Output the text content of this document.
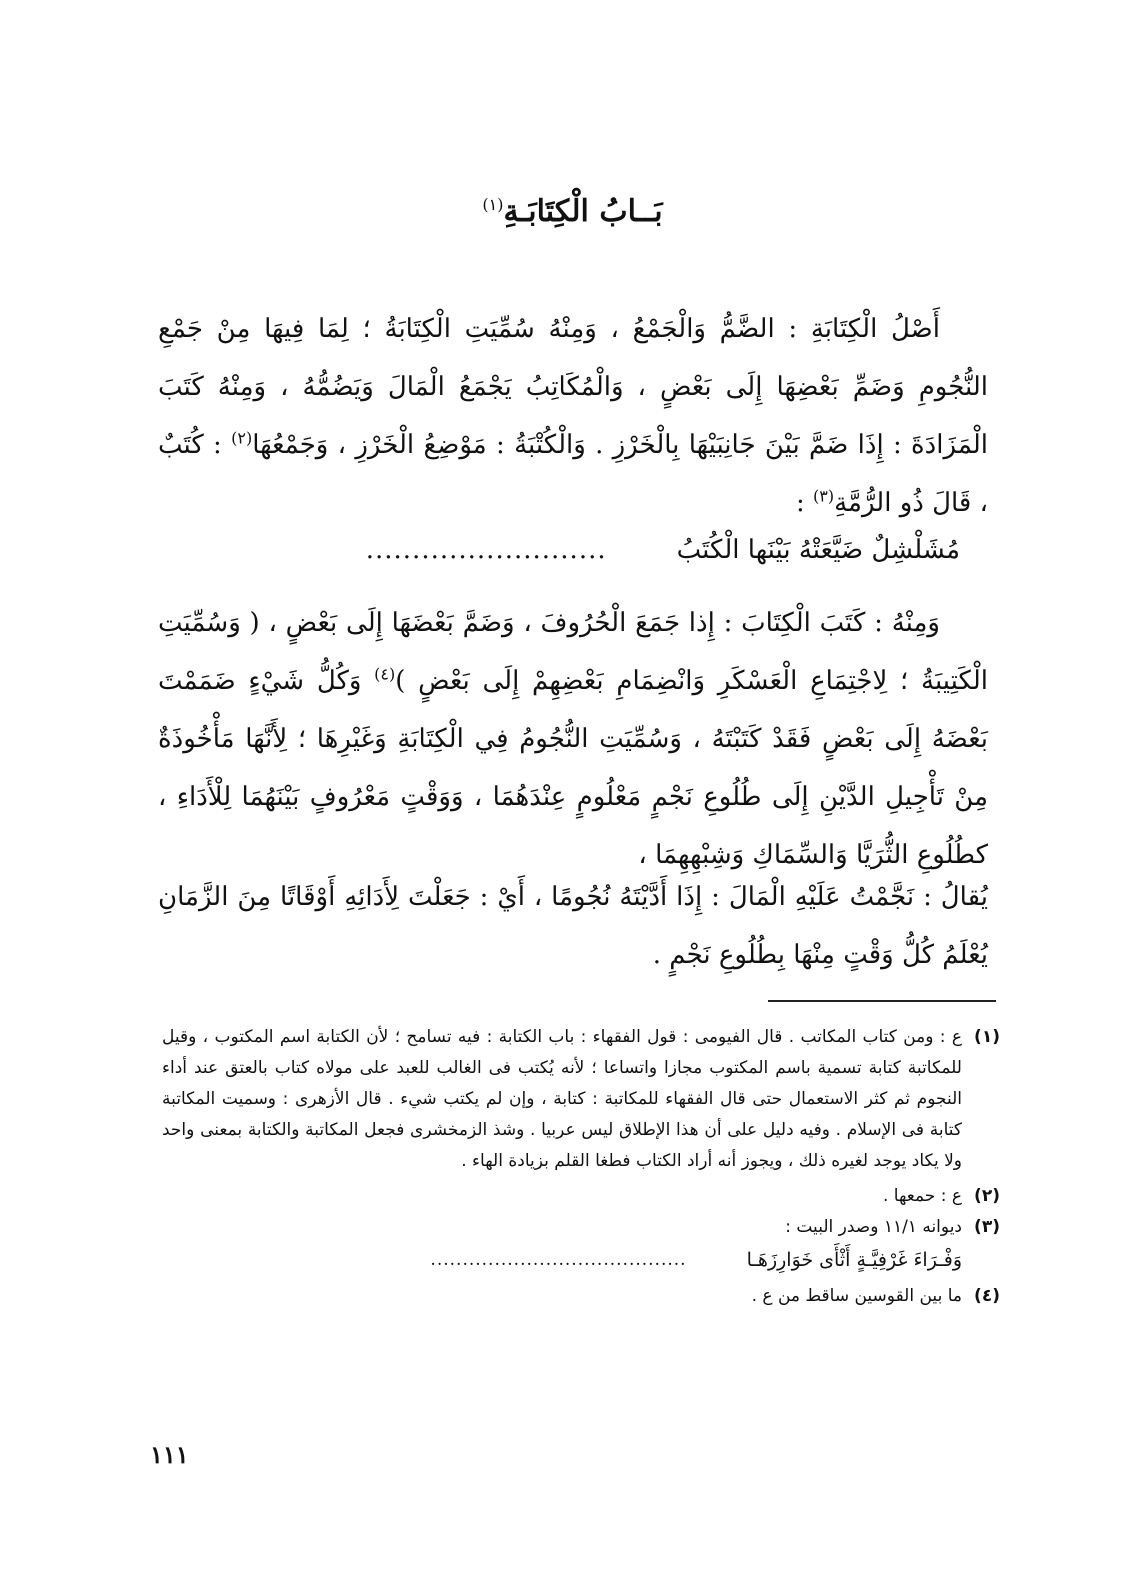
بَــابُ الْكِتَابَـةِ$^{(١)}$
أَصْلُ الْكِتَابَةِ : الضَّمُّ وَالْجَمْعُ ، وَمِنْهُ سُمِّيَتِ الْكِتَابَةُ ؛ لِمَا فِيهَا مِنْ جَمْعِ النُّجُومِ وَضَمِّ بَعْضِهَا إِلَى بَعْضٍ ، وَالْمُكَاتِبُ يَجْمَعُ الْمَالَ وَيَضُمُّهُ ، وَمِنْهُ كَتَبَ الْمَزَادَةَ : إِذَا ضَمَّ بَيْنَ جَانِبَيْهَا بِالْخَرْزِ . وَالْكُتْبَةُ : مَوْضِعُ الْخَرْزِ ، وَجَمْعُهَا$^{(٢)}$ : كُتَبٌ ، قَالَ ذُو الرُّمَّةِ$^{(٣)}$ :
مُشَلْشِلٌ ضَيَّعَتْهُ بَيْنَها الْكُتَبُ
..........................
وَمِنْهُ : كَتَبَ الْكِتَابَ : إِذا جَمَعَ الْحُرُوفَ ، وَضَمَّ بَعْضَهَا إِلَى بَعْضٍ ، ( وَسُمِّيَتِ الْكَتِيبَةُ ؛ لِاجْتِمَاعِ الْعَسْكَرِ وَانْضِمَامِ بَعْضِهِمْ إِلَى بَعْضٍ )$^{(٤)}$ وَكُلُّ شَيْءٍ ضَمَمْتَ بَعْضَهُ إِلَى بَعْضٍ فَقَدْ كَتَبْتَهُ ، وَسُمِّيَتِ النُّجُومُ فِي الْكِتَابَةِ وَغَيْرِهَا ؛ لِأَنَّهَا مَأْخُوذَةٌ مِنْ تَأْجِيلِ الدَّيْنِ إِلَى طُلُوعِ نَجْمٍ مَعْلُومٍ عِنْدَهُمَا ، وَوَقْتٍ مَعْرُوفٍ بَيْنَهُمَا لِلْأَدَاءِ ، كطُلُوعِ الثُّرَيَّا وَالسِّمَاكِ وَشِبْهِهِمَا ،
يُقالُ : نَجَّمْتُ عَلَيْهِ الْمَالَ : إِذَا أَدَّيْتَهُ نُجُومًا ، أَيْ : جَعَلْتَ لِأَدَائِهِ أَوْقَاتًا مِنَ الزَّمَانِ يُعْلَمُ كُلُّ وَقْتٍ مِنْهَا بِطُلُوعِ نَجْمٍ .
(١)
ع : ومن كتاب المكاتب . قال الفيومى : قول الفقهاء : باب الكتابة : فيه تسامح ؛ لأن الكتابة اسم المكتوب ، وقيل للمكاتبة كتابة تسمية باسم المكتوب مجازا واتساعا ؛ لأنه يُكتب فى الغالب للعبد على مولاه كتاب بالعتق عند أداء النجوم ثم كثر الاستعمال حتى قال الفقهاء للمكاتبة : كتابة ، وإن لم يكتب شيء . قال الأزهرى : وسميت المكاتبة كتابة فى الإسلام . وفيه دليل على أن هذا الإطلاق ليس عربيا . وشذ الزمخشرى فجعل المكاتبة والكتابة بمعنى واحد ولا يكاد يوجد لغيره ذلك ، ويجوز أنه أراد الكتاب فطغا القلم بزيادة الهاء .
(٢)
ع : حمعها .
(٣)
ديوانه ١١/١ وصدر البيت :
وَفْـرَاءَ غَرْفِيَّـةٍ أَثْأَى خَوَارِزَهَـا
........................................
(٤)
ما بين القوسين ساقط من ع .
١١١
